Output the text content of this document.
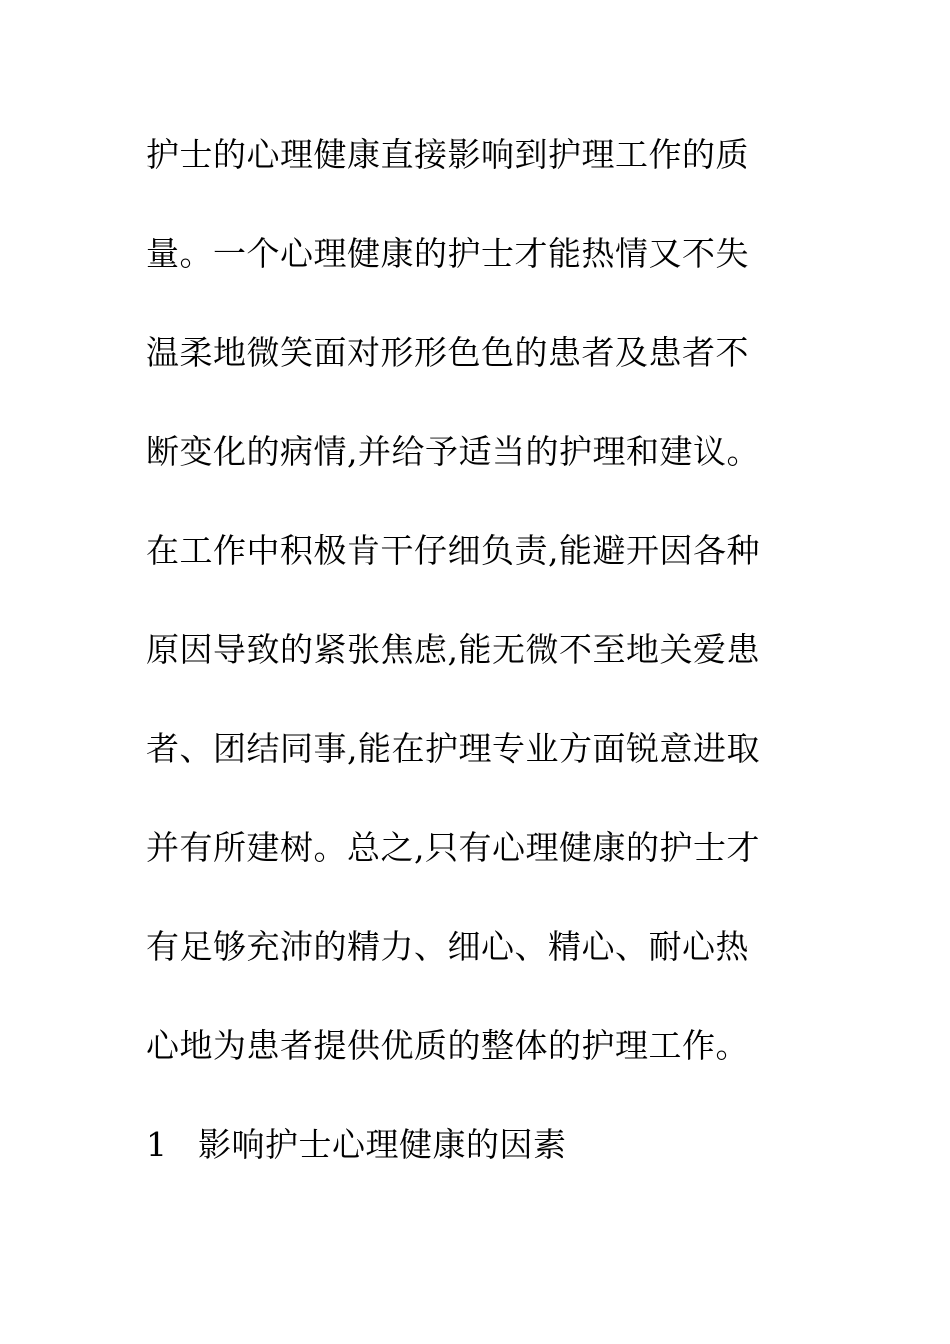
护士的心理健康直接影响到护理工作的质
量。一个心理健康的护士才能热情又不失
温柔地微笑面对形形色色的患者及患者不
断变化的病情,并给予适当的护理和建议。
在工作中积极肯干仔细负责,能避开因各种
原因导致的紧张焦虑,能无微不至地关爱患
者、团结同事,能在护理专业方面锐意进取
并有所建树。总之,只有心理健康的护士才
有足够充沛的精力、细心、精心、耐心热
心地为患者提供优质的整体的护理工作。
1 影响护士心理健康的因素
